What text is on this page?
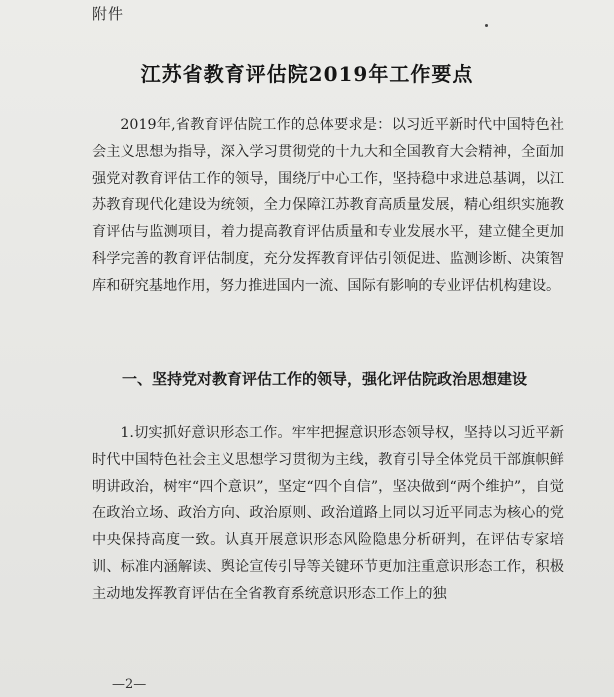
附件
江苏省教育评估院2019年工作要点

2019年,省教育评估院工作的总体要求是：以习近平新时代中国特色社会主义思想为指导，深入学习贯彻党的十九大和全国教育大会精神，全面加强党对教育评估工作的领导，围绕厅中心工作，坚持稳中求进总基调，以江苏教育现代化建设为统领，全力保障江苏教育高质量发展，精心组织实施教育评估与监测项目，着力提高教育评估质量和专业发展水平，建立健全更加科学完善的教育评估制度，充分发挥教育评估引领促进、监测诊断、决策智库和研究基地作用，努力推进国内一流、国际有影响的专业评估机构建设。

一、坚持党对教育评估工作的领导，强化评估院政治思想建设

1.切实抓好意识形态工作。牢牢把握意识形态领导权，坚持以习近平新时代中国特色社会主义思想学习贯彻为主线，教育引导全体党员干部旗帜鲜明讲政治，树牢“四个意识”，坚定“四个自信”，坚决做到“两个维护”，自觉在政治立场、政治方向、政治原则、政治道路上同以习近平同志为核心的党中央保持高度一致。认真开展意识形态风险隐患分析研判，在评估专家培训、标准内涵解读、舆论宣传引导等关键环节更加注重意识形态工作，积极主动地发挥教育评估在全省教育系统意识形态工作上的独

—2—
